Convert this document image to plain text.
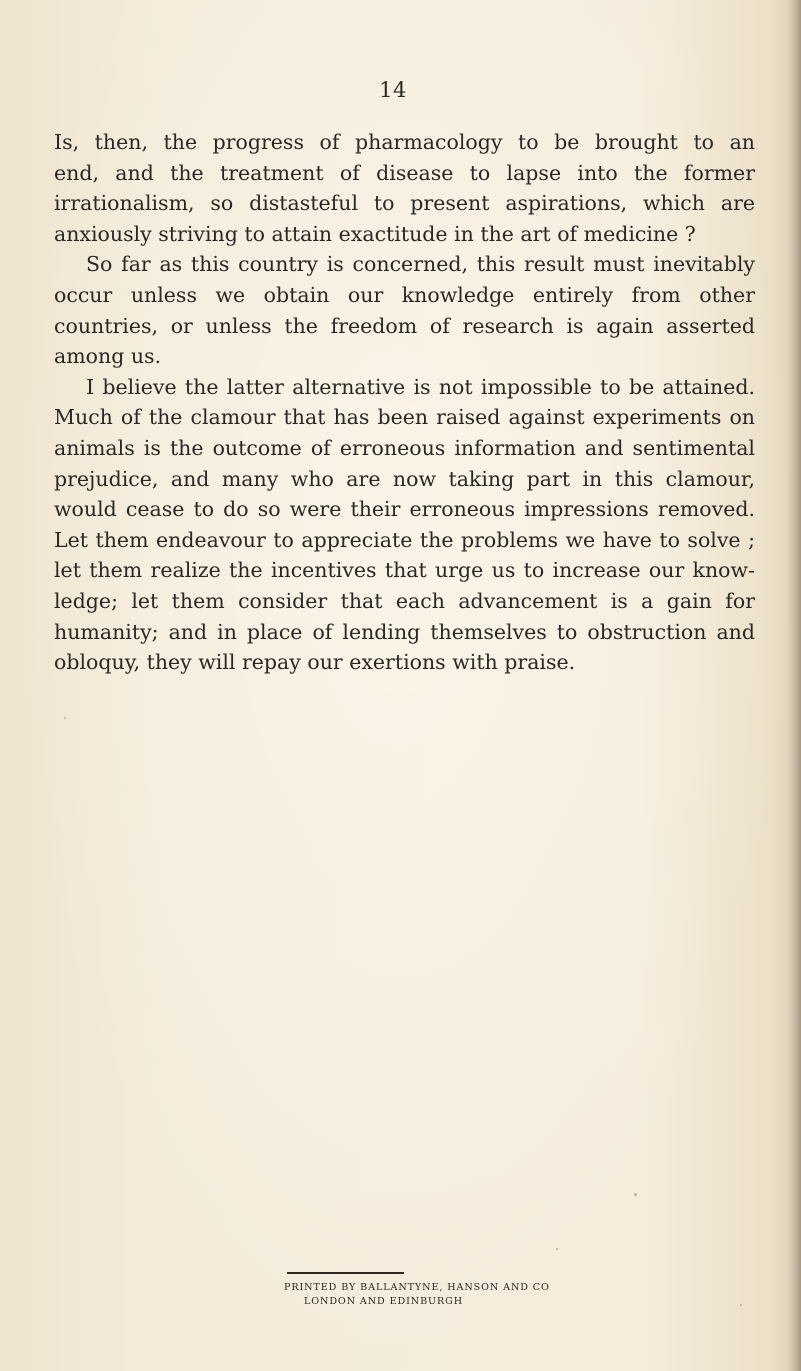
14
Is, then, the progress of pharmacology to be brought to an
end, and the treatment of disease to lapse into the former
irrationalism, so distasteful to present aspirations, which are
anxiously striving to attain exactitude in the art of medicine ?
So far as this country is concerned, this result must inevitably
occur unless we obtain our knowledge entirely from other
countries, or unless the freedom of research is again asserted
among us.
I believe the latter alternative is not impossible to be attained.
Much of the clamour that has been raised against experiments on
animals is the outcome of erroneous information and sentimental
prejudice, and many who are now taking part in this clamour,
would cease to do so were their erroneous impressions removed.
Let them endeavour to appreciate the problems we have to solve ;
let them realize the incentives that urge us to increase our know-
ledge; let them consider that each advancement is a gain for
humanity; and in place of lending themselves to obstruction and
obloquy, they will repay our exertions with praise.
PRINTED BY BALLANTYNE, HANSON AND CO
LONDON AND EDINBURGH
